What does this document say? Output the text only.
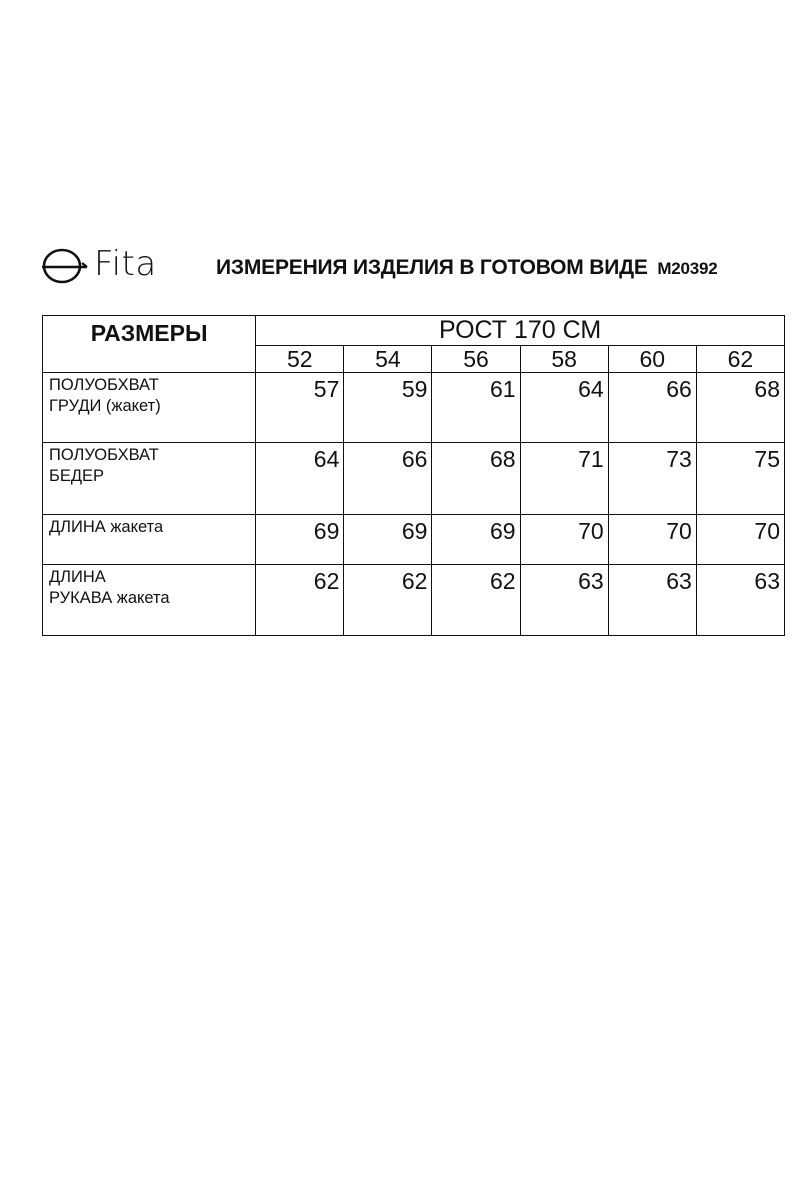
Fita	ИЗМЕРЕНИЯ ИЗДЕЛИЯ В ГОТОВОМ ВИДЕ M20392
РАЗМЕРЫ	РОСТ 170 СМ					
	52	54	56	58	60	62

ПОЛУОБХВАТ
ГРУДИ (жакет)	57	59	61	64	66	68

ПОЛУОБХВАТ
БЕДЕР	64	66	68	71	73	75

ДЛИНА жакета	69	69	69	70	70	70

ДЛИНА
РУКАВА жакета	62	62	62	63	63	63
